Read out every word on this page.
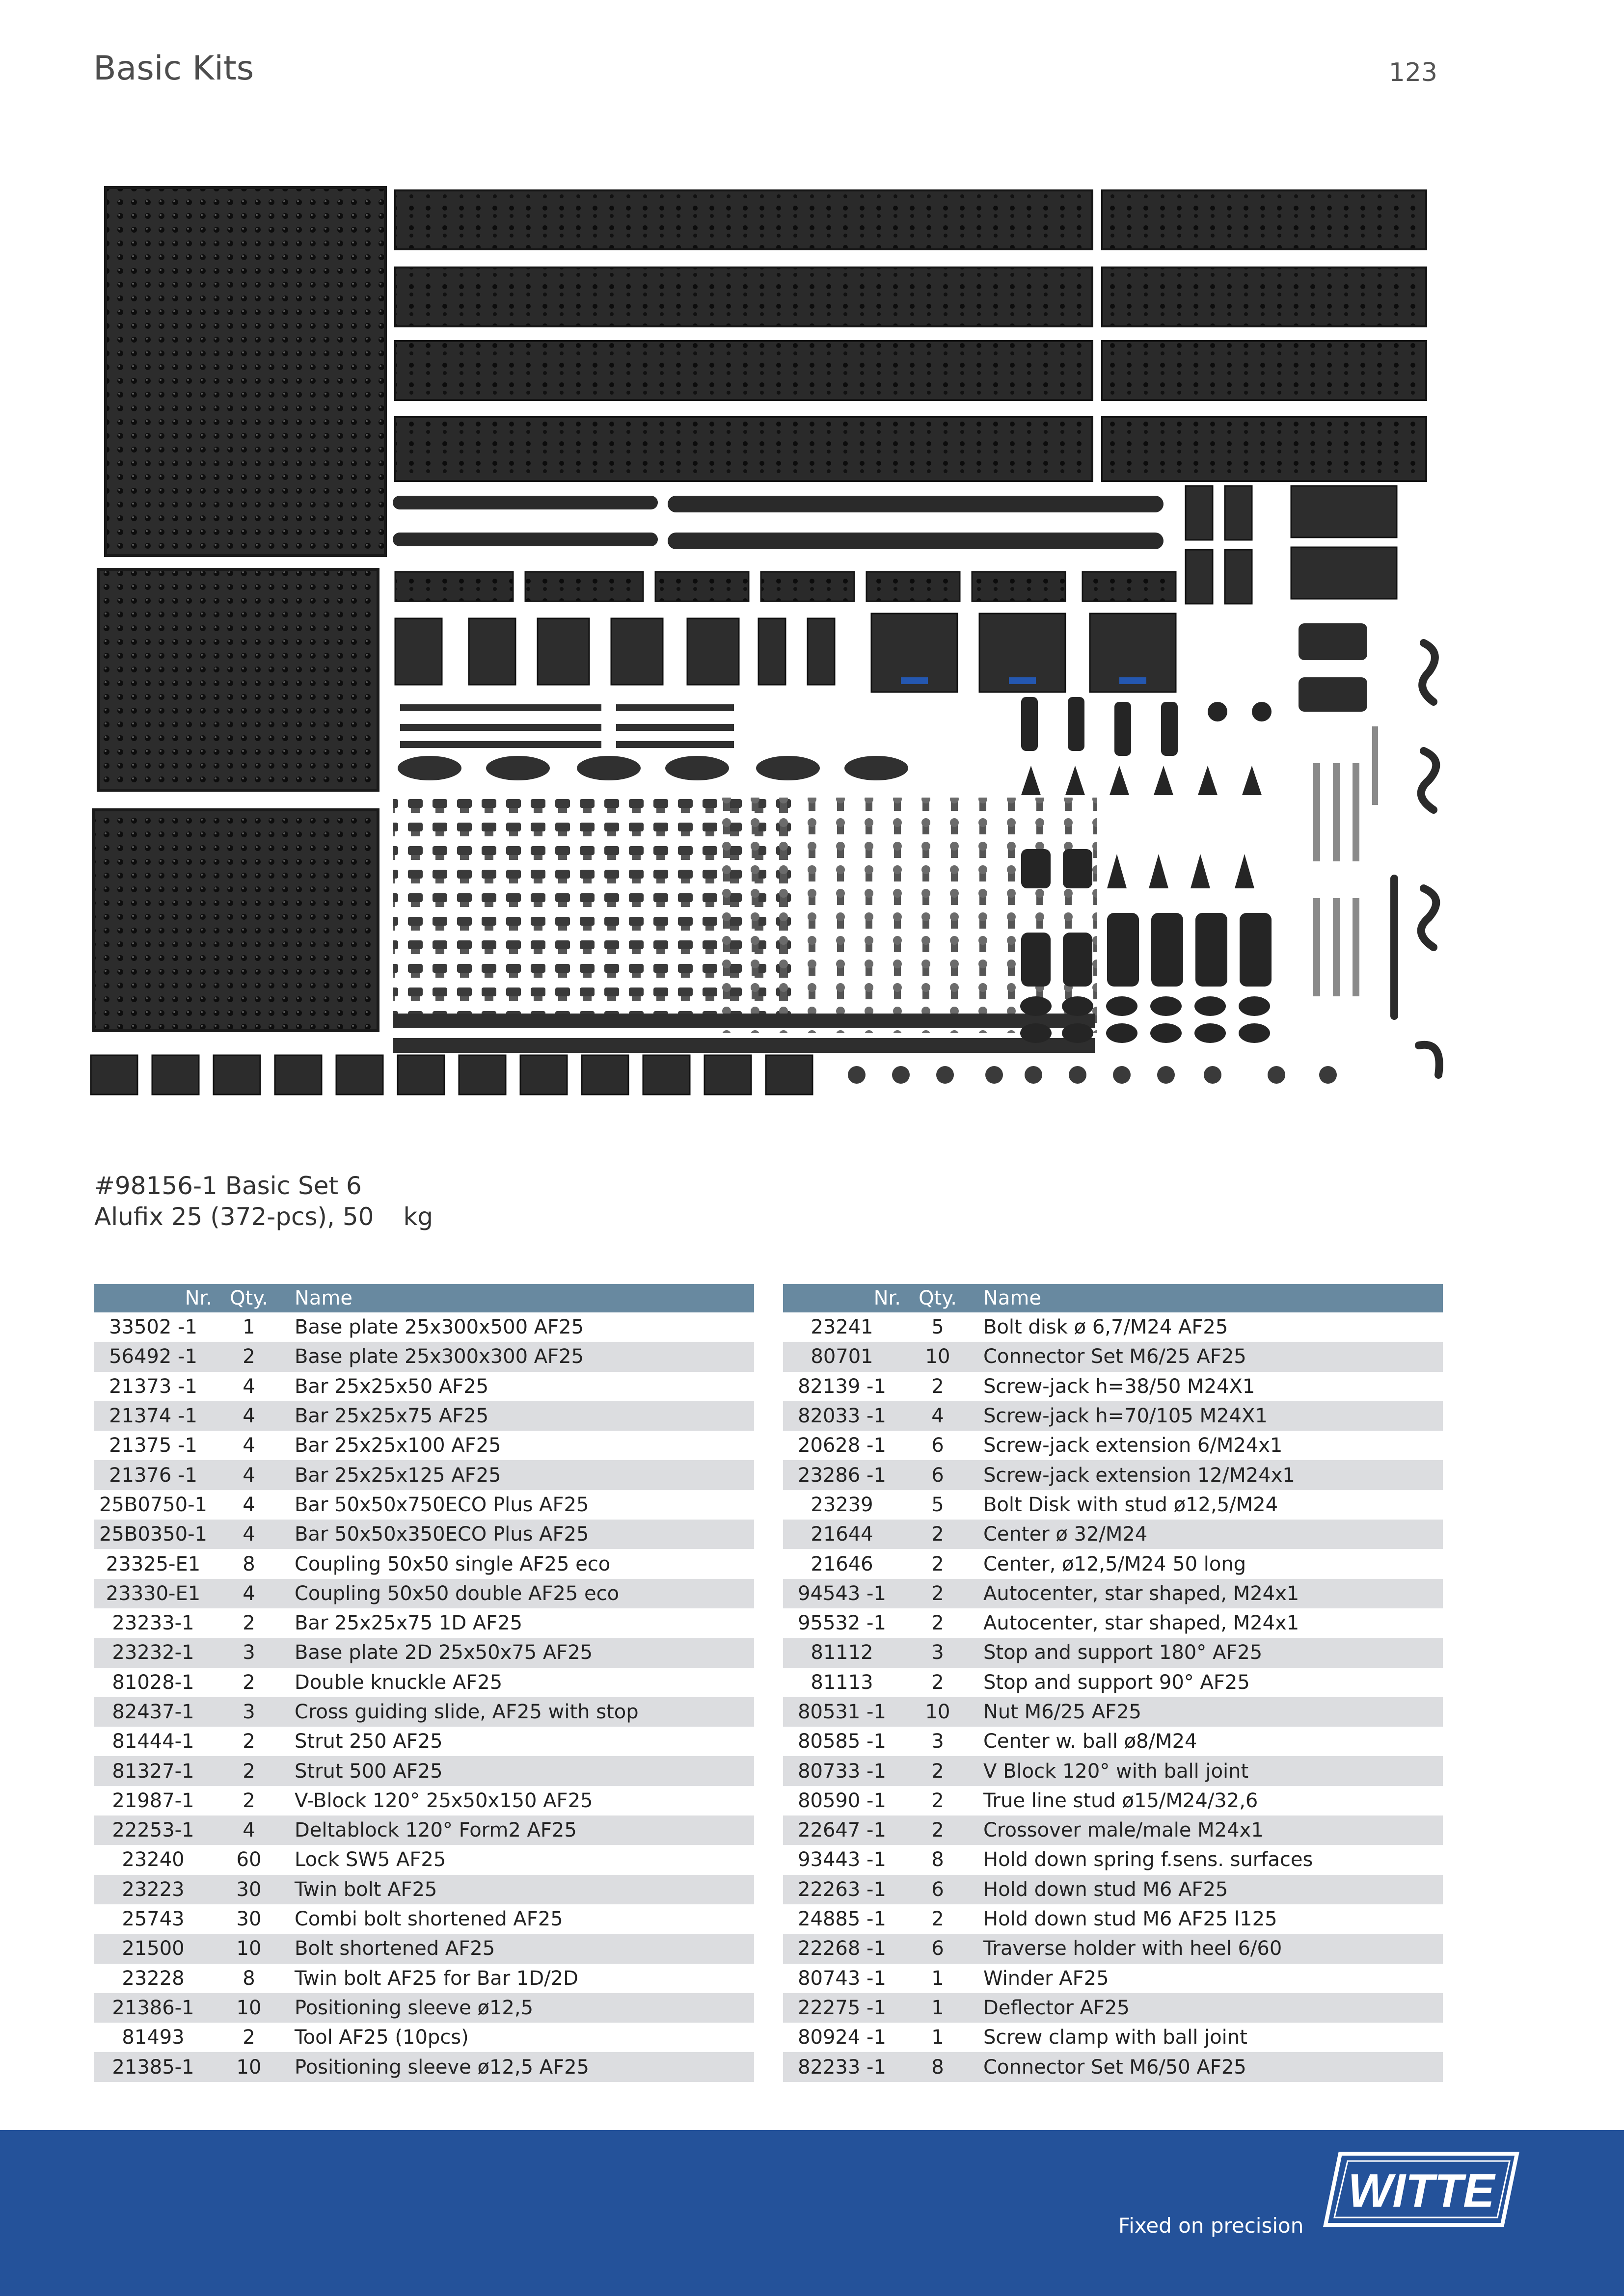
Basic Kits	123
#98156-1 Basic Set 6
Alufix 25 (372-pcs), 50 kg
Nr.	Qty.	Name
33502 -1	1	Base plate 25x300x500 AF25
56492 -1	2	Base plate 25x300x300 AF25
21373 -1	4	Bar 25x25x50 AF25
21374 -1	4	Bar 25x25x75 AF25
21375 -1	4	Bar 25x25x100 AF25
21376 -1	4	Bar 25x25x125 AF25
25B0750-1	4	Bar 50x50x750ECO Plus AF25
25B0350-1	4	Bar 50x50x350ECO Plus AF25
23325-E1	8	Coupling 50x50 single AF25 eco
23330-E1	4	Coupling 50x50 double AF25 eco
23233-1	2	Bar 25x25x75 1D AF25
23232-1	3	Base plate 2D 25x50x75 AF25
81028-1	2	Double knuckle AF25
82437-1	3	Cross guiding slide, AF25 with stop
81444-1	2	Strut 250 AF25
81327-1	2	Strut 500 AF25
21987-1	2	V-Block 120° 25x50x150 AF25
22253-1	4	Deltablock 120° Form2 AF25
23240	60	Lock SW5 AF25
23223	30	Twin bolt AF25
25743	30	Combi bolt shortened AF25
21500	10	Bolt shortened AF25
23228	8	Twin bolt AF25 for Bar 1D/2D
21386-1	10	Positioning sleeve ø12,5
81493	2	Tool AF25 (10pcs)
21385-1	10	Positioning sleeve ø12,5 AF25
Nr.	Qty.	Name
23241	5	Bolt disk ø 6,7/M24 AF25
80701	10	Connector Set M6/25 AF25
82139 -1	2	Screw-jack h=38/50 M24X1
82033 -1	4	Screw-jack h=70/105 M24X1
20628 -1	6	Screw-jack extension 6/M24x1
23286 -1	6	Screw-jack extension 12/M24x1
23239	5	Bolt Disk with stud ø12,5/M24
21644	2	Center ø 32/M24
21646	2	Center, ø12,5/M24 50 long
94543 -1	2	Autocenter, star shaped, M24x1
95532 -1	2	Autocenter, star shaped, M24x1
81112	3	Stop and support 180° AF25
81113	2	Stop and support 90° AF25
80531 -1	10	Nut M6/25 AF25
80585 -1	3	Center w. ball ø8/M24
80733 -1	2	V Block 120° with ball joint
80590 -1	2	True line stud ø15/M24/32,6
22647 -1	2	Crossover male/male M24x1
93443 -1	8	Hold down spring f.sens. surfaces
22263 -1	6	Hold down stud M6 AF25
24885 -1	2	Hold down stud M6 AF25 l125
22268 -1	6	Traverse holder with heel 6/60
80743 -1	1	Winder AF25
22275 -1	1	Deflector AF25
80924 -1	1	Screw clamp with ball joint
82233 -1	8	Connector Set M6/50 AF25
Fixed on precision
WITTE
